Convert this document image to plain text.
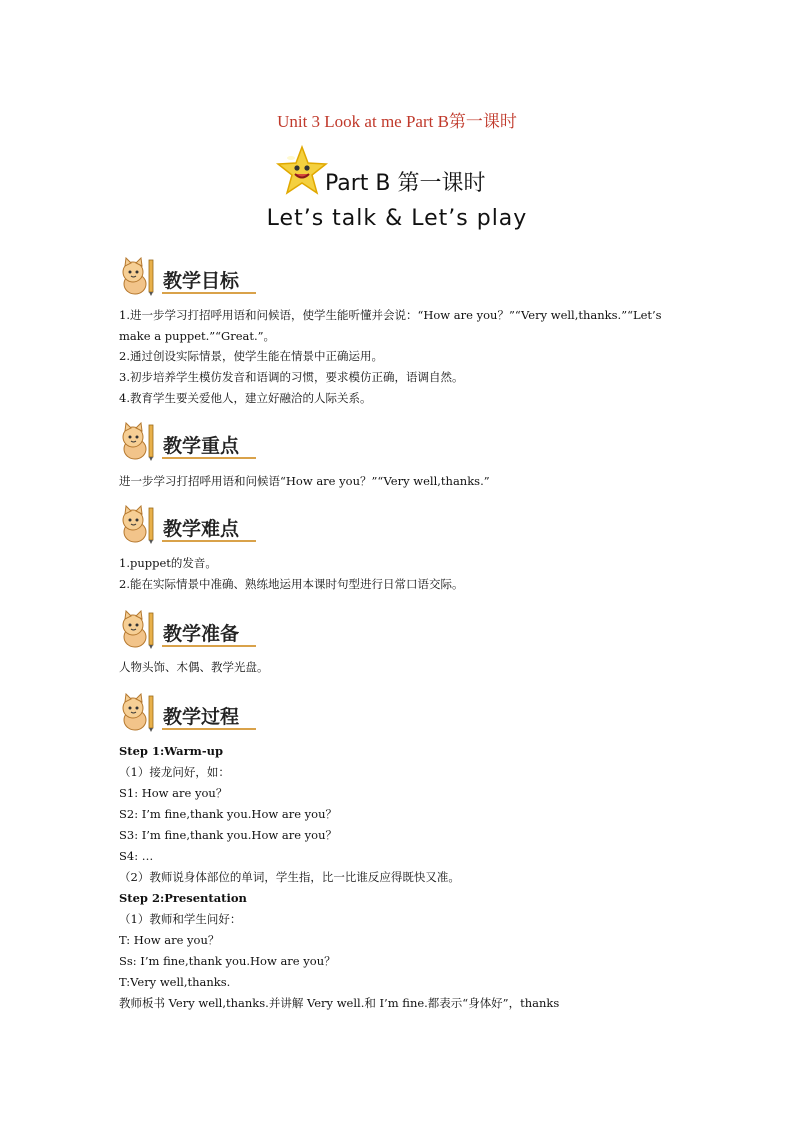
Unit 3 Look at me Part B第一课时
Part B 第一课时
Let’s talk & Let’s play
教学目标
1.进一步学习打招呼用语和问候语，使学生能听懂并会说：“How are you？”“Very well,thanks.”“Let’s make a puppet.”“Great.”。
2.通过创设实际情景，使学生能在情景中正确运用。
3.初步培养学生模仿发音和语调的习惯，要求模仿正确，语调自然。
4.教育学生要关爱他人，建立好融洽的人际关系。
教学重点
进一步学习打招呼用语和问候语“How are you？”“Very well,thanks.”
教学难点
1.puppet的发音。
2.能在实际情景中准确、熟练地运用本课时句型进行日常口语交际。
教学准备
人物头饰、木偶、教学光盘。
教学过程
Step 1:Warm-up
（1）接龙问好，如：
S1: How are you？
S2: I’m fine,thank you.How are you？
S3: I’m fine,thank you.How are you？
S4: …
（2）教师说身体部位的单词，学生指，比一比谁反应得既快又准。
Step 2:Presentation
（1）教师和学生问好：
T: How are you？
Ss: I’m fine,thank you.How are you？
T:Very well,thanks.
教师板书 Very well,thanks.并讲解 Very well.和 I’m fine.都表示“身体好”，thanks
